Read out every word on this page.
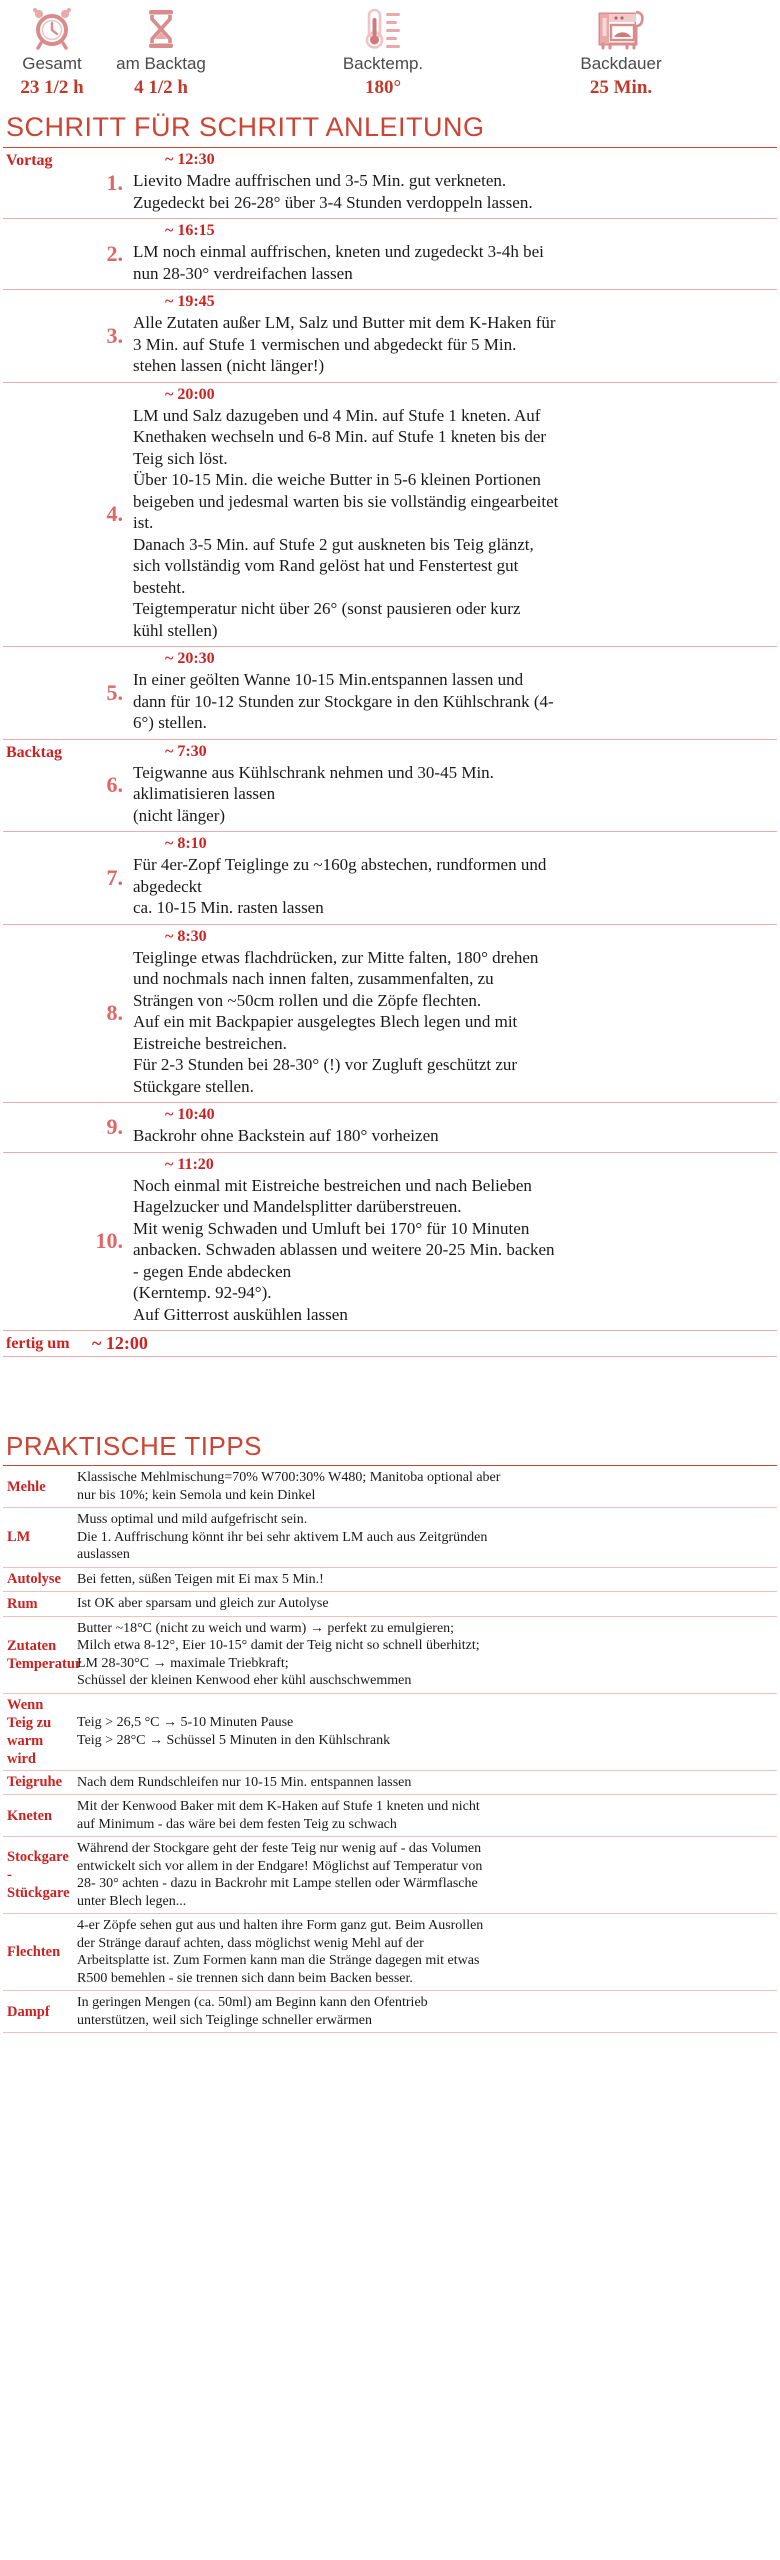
Gesamt
23 1/2 h
am Backtag
4 1/2 h
Backtemp.
180°
Backdauer
25 Min.
SCHRITT FÜR SCHRITT ANLEITUNG
Vortag	1.	~ 12:30
Lievito Madre auffrischen und 3-5 Min. gut verkneten.
Zugedeckt bei 26-28° über 3-4 Stunden verdoppeln lassen.

	2.	~ 16:15
LM noch einmal auffrischen, kneten und zugedeckt 3-4h bei
nun 28-30° verdreifachen lassen

	3.	~ 19:45
Alle Zutaten außer LM, Salz und Butter mit dem K-Haken für
3 Min. auf Stufe 1 vermischen und abgedeckt für 5 Min.
stehen lassen (nicht länger!)

	4.	
~ 20:00
LM und Salz dazugeben und 4 Min. auf Stufe 1 kneten. Auf
Knethaken wechseln und 6-8 Min. auf Stufe 1 kneten bis der
Teig sich löst.
Über 10-15 Min. die weiche Butter in 5-6 kleinen Portionen
beigeben und jedesmal warten bis sie vollständig eingearbeitet
ist.
Danach 3-5 Min. auf Stufe 2 gut auskneten bis Teig glänzt,
sich vollständig vom Rand gelöst hat und Fenstertest gut
besteht.
Teigtemperatur nicht über 26° (sonst pausieren oder kurz
kühl stellen)

	5.	~ 20:30
In einer geölten Wanne 10-15 Min.entspannen lassen und
dann für 10-12 Stunden zur Stockgare in den Kühlschrank (4-
6°) stellen.

Backtag	6.	~ 7:30
Teigwanne aus Kühlschrank nehmen und 30-45 Min.
aklimatisieren lassen
(nicht länger)

	7.	~ 8:10
Für 4er-Zopf Teiglinge zu ~160g abstechen, rundformen und
abgedeckt
ca. 10-15 Min. rasten lassen

	8.	
~ 8:30
Teiglinge etwas flachdrücken, zur Mitte falten, 180° drehen
und nochmals nach innen falten, zusammenfalten, zu
Strängen von ~50cm rollen und die Zöpfe flechten.
Auf ein mit Backpapier ausgelegtes Blech legen und mit
Eistreiche bestreichen.
Für 2-3 Stunden bei 28-30° (!) vor Zugluft geschützt zur
Stückgare stellen.

	9.	~ 10:40
Backrohr ohne Backstein auf 180° vorheizen

	10.	
~ 11:20
Noch einmal mit Eistreiche bestreichen und nach Belieben
Hagelzucker und Mandelsplitter darüberstreuen.
Mit wenig Schwaden und Umluft bei 170° für 10 Minuten
anbacken. Schwaden ablassen und weitere 20-25 Min. backen
- gegen Ende abdecken
(Kerntemp. 92-94°).
Auf Gitterrost auskühlen lassen

fertig um	~ 12:00	
PRAKTISCHE TIPPS
Mehle	Klassische Mehlmischung=70% W700:30% W480; Manitoba optional aber
nur bis 10%; kein Semola und kein Dinkel

LM	Muss optimal und mild aufgefrischt sein.
Die 1. Auffrischung könnt ihr bei sehr aktivem LM auch aus Zeitgründen
auslassen

Autolyse	Bei fetten, süßen Teigen mit Ei max 5 Min.!

Rum	Ist OK aber sparsam und gleich zur Autolyse

Zutaten Temperatur	Butter ~18°C (nicht zu weich und warm) → perfekt zu emulgieren;
Milch etwa 8-12°, Eier 10-15° damit der Teig nicht so schnell überhitzt;
LM 28-30°C → maximale Triebkraft;
Schüssel der kleinen Kenwood eher kühl auschschwemmen

Wenn Teig zu warm wird	Teig > 26,5 °C → 5-10 Minuten Pause
Teig > 28°C → Schüssel 5 Minuten in den Kühlschrank

Teigruhe	Nach dem Rundschleifen nur 10-15 Min. entspannen lassen

Kneten	Mit der Kenwood Baker mit dem K-Haken auf Stufe 1 kneten und nicht
auf Minimum - das wäre bei dem festen Teig zu schwach

Stockgare - Stückgare	Während der Stockgare geht der feste Teig nur wenig auf - das Volumen
entwickelt sich vor allem in der Endgare! Möglichst auf Temperatur von
28- 30° achten - dazu in Backrohr mit Lampe stellen oder Wärmflasche
unter Blech legen...

Flechten	4-er Zöpfe sehen gut aus und halten ihre Form ganz gut. Beim Ausrollen
der Stränge darauf achten, dass möglichst wenig Mehl auf der
Arbeitsplatte ist. Zum Formen kann man die Stränge dagegen mit etwas
R500 bemehlen - sie trennen sich dann beim Backen besser.

Dampf	In geringen Mengen (ca. 50ml) am Beginn kann den Ofentrieb
unterstützen, weil sich Teiglinge schneller erwärmen
